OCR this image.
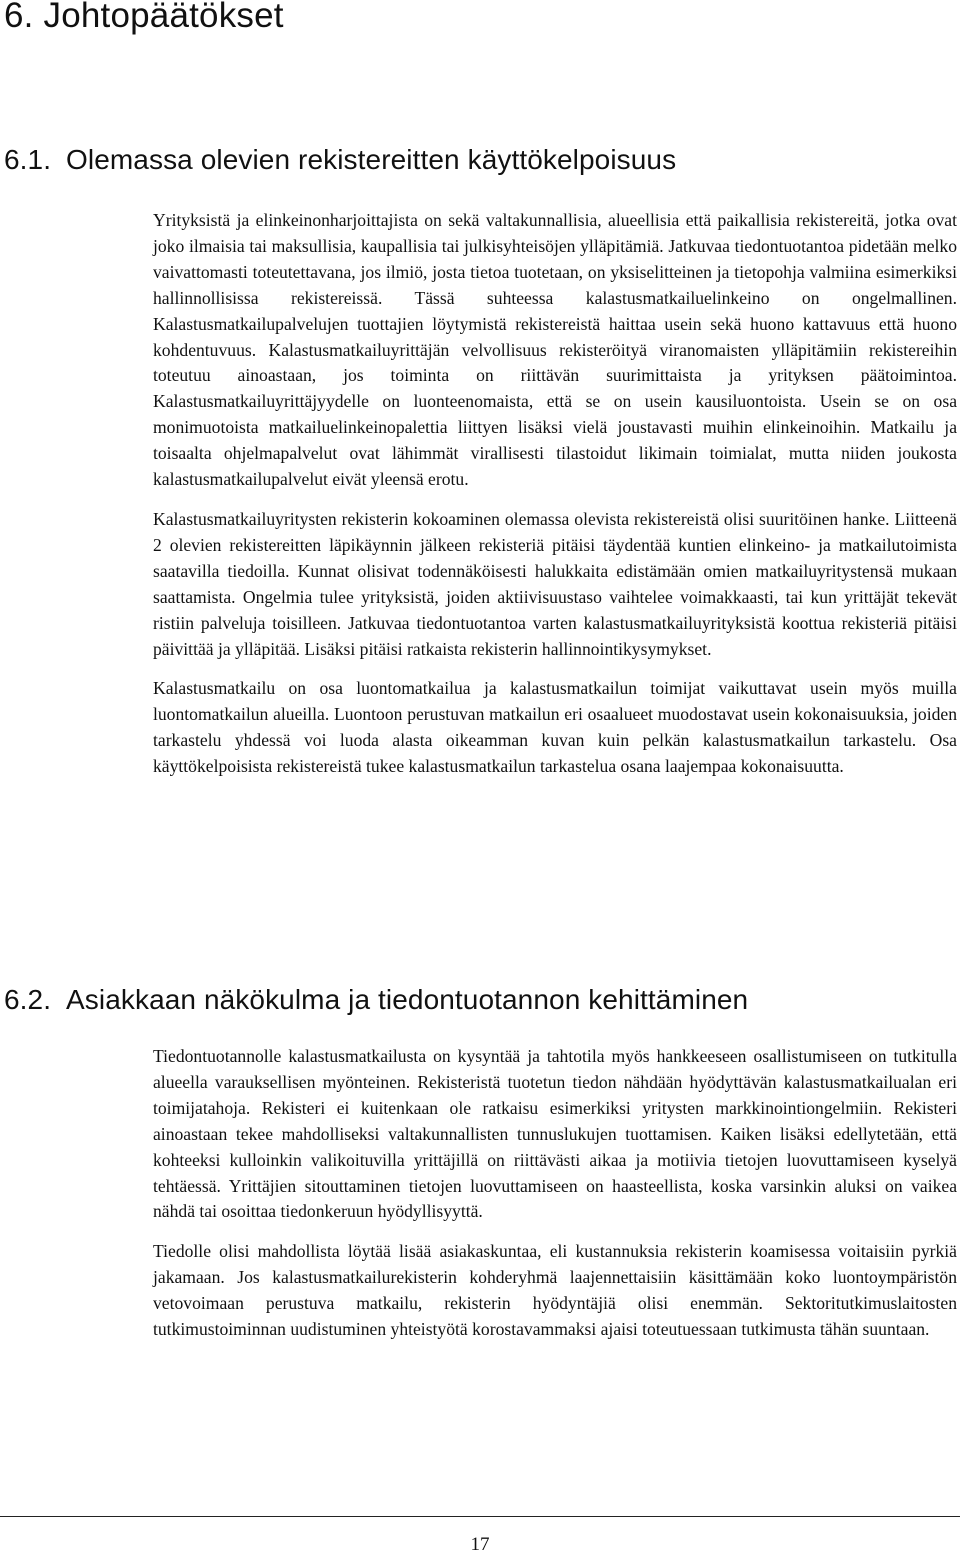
6. Johtopäätökset
6.1. Olemassa olevien rekistereitten käyttökelpoisuus

Yrityksistä ja elinkeinonharjoittajista on sekä valtakunnallisia, alueellisia että paikallisia rekistereitä, jotka ovat joko ilmaisia tai maksullisia, kaupallisia tai julkisyhteisöjen ylläpitämiä. Jatkuvaa tiedontuotantoa pidetään melko vaivattomasti toteutettavana, jos ilmiö, josta tietoa tuotetaan, on yksiselitteinen ja tietopohja valmiina esimerkiksi hallinnollisissa rekistereissä. Tässä suhteessa kalastusmatkailuelinkeino on ongelmallinen. Kalastusmatkailupalvelujen tuottajien löytymistä rekistereistä haittaa usein sekä huono kattavuus että huono kohdentuvuus. Kalastusmatkailuyrittäjän velvollisuus rekisteröityä viranomaisten ylläpitämiin rekistereihin toteutuu ainoastaan, jos toiminta on riittävän suurimittaista ja yrityksen päätoimintoa. Kalastusmatkailuyrittäjyydelle on luonteenomaista, että se on usein kausiluontoista. Usein se on osa monimuotoista matkailuelinkeinopalettia liittyen lisäksi vielä joustavasti muihin elinkeinoihin. Matkailu ja toisaalta ohjelmapalvelut ovat lähimmät virallisesti tilastoidut likimain toimialat, mutta niiden joukosta kalastusmatkailupalvelut eivät yleensä erotu.

Kalastusmatkailuyritysten rekisterin kokoaminen olemassa olevista rekistereistä olisi suuritöinen hanke. Liitteenä 2 olevien rekistereitten läpikäynnin jälkeen rekisteriä pitäisi täydentää kuntien elinkeino- ja matkailutoimista saatavilla tiedoilla. Kunnat olisivat todennäköisesti halukkaita edistämään omien matkailuyritystensä mukaan saattamista. Ongelmia tulee yrityksistä, joiden aktiivisuustaso vaihtelee voimakkaasti, tai kun yrittäjät tekevät ristiin palveluja toisilleen. Jatkuvaa tiedontuotantoa varten kalastusmatkailuyrityksistä koottua rekisteriä pitäisi päivittää ja ylläpitää. Lisäksi pitäisi ratkaista rekisterin hallinnointikysymykset.

Kalastusmatkailu on osa luontomatkailua ja kalastusmatkailun toimijat vaikuttavat usein myös muilla luontomatkailun alueilla. Luontoon perustuvan matkailun eri osaalueet muodostavat usein kokonaisuuksia, joiden tarkastelu yhdessä voi luoda alasta oikeamman kuvan kuin pelkän kalastusmatkailun tarkastelu. Osa käyttökelpoisista rekistereistä tukee kalastusmatkailun tarkastelua osana laajempaa kokonaisuutta.

6.2. Asiakkaan näkökulma ja tiedontuotannon kehittäminen

Tiedontuotannolle kalastusmatkailusta on kysyntää ja tahtotila myös hankkeeseen osallistumiseen on tutkitulla alueella varauksellisen myönteinen. Rekisteristä tuotetun tiedon nähdään hyödyttävän kalastusmatkailualan eri toimijatahoja. Rekisteri ei kuitenkaan ole ratkaisu esimerkiksi yritysten markkinointiongelmiin. Rekisteri ainoastaan tekee mahdolliseksi valtakunnallisten tunnuslukujen tuottamisen. Kaiken lisäksi edellytetään, että kohteeksi kulloinkin valikoituvilla yrittäjillä on riittävästi aikaa ja motiivia tietojen luovuttamiseen kyselyä tehtäessä. Yrittäjien sitouttaminen tietojen luovuttamiseen on haasteellista, koska varsinkin aluksi on vaikea nähdä tai osoittaa tiedonkeruun hyödyllisyyttä.

Tiedolle olisi mahdollista löytää lisää asiakaskuntaa, eli kustannuksia rekisterin koamisessa voitaisiin pyrkiä jakamaan. Jos kalastusmatkailurekisterin kohderyhmä laajennettaisiin käsittämään koko luontoympäristön vetovoimaan perustuva matkailu, rekisterin hyödyntäjiä olisi enemmän. Sektoritutkimuslaitosten tutkimustoiminnan uudistuminen yhteistyötä korostavammaksi ajaisi toteutuessaan tutkimusta tähän suuntaan.

17
